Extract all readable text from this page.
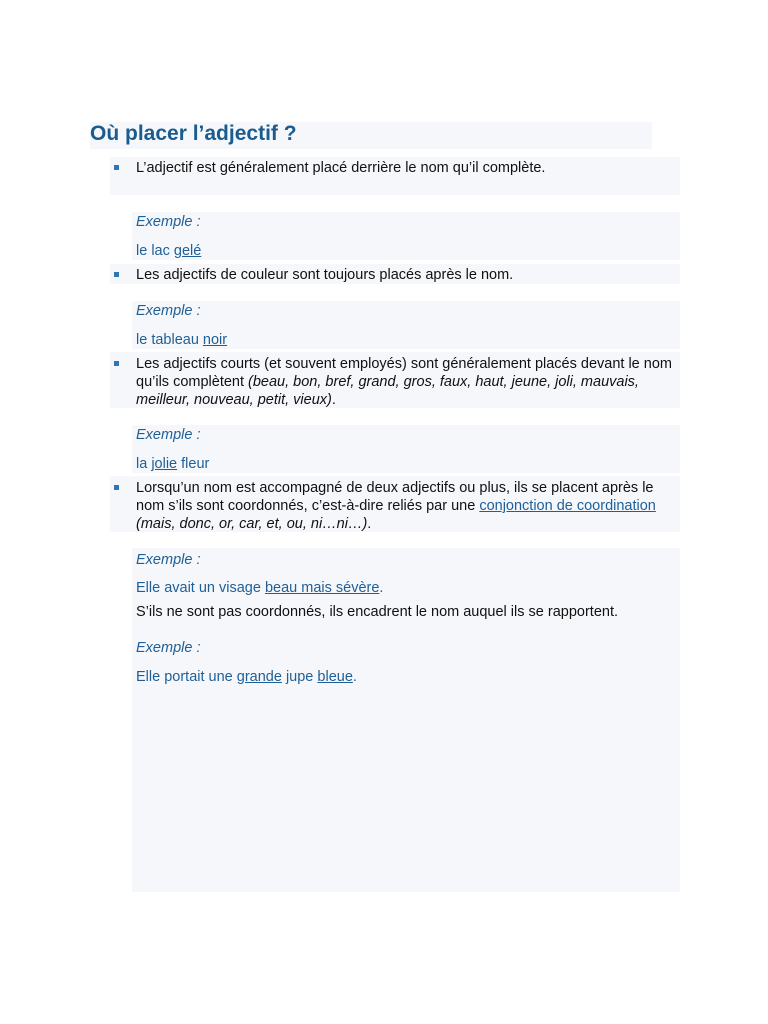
Où placer l’adjectif ?

L’adjectif est généralement placé derrière le nom qu’il complète.

Exemple :

le lac gelé

Les adjectifs de couleur sont toujours placés après le nom.

Exemple :

le tableau noir

Les adjectifs courts (et souvent employés) sont généralement placés devant le nom qu’ils complètent (beau, bon, bref, grand, gros, faux, haut, jeune, joli, mauvais, meilleur, nouveau, petit, vieux).

Exemple :

la jolie fleur

Lorsqu’un nom est accompagné de deux adjectifs ou plus, ils se placent après le nom s’ils sont coordonnés, c’est-à-dire reliés par une conjonction de coordination (mais, donc, or, car, et, ou, ni…ni…).

Exemple :

Elle avait un visage beau mais sévère.

S’ils ne sont pas coordonnés, ils encadrent le nom auquel ils se rapportent.

Exemple :

Elle portait une grande jupe bleue.
